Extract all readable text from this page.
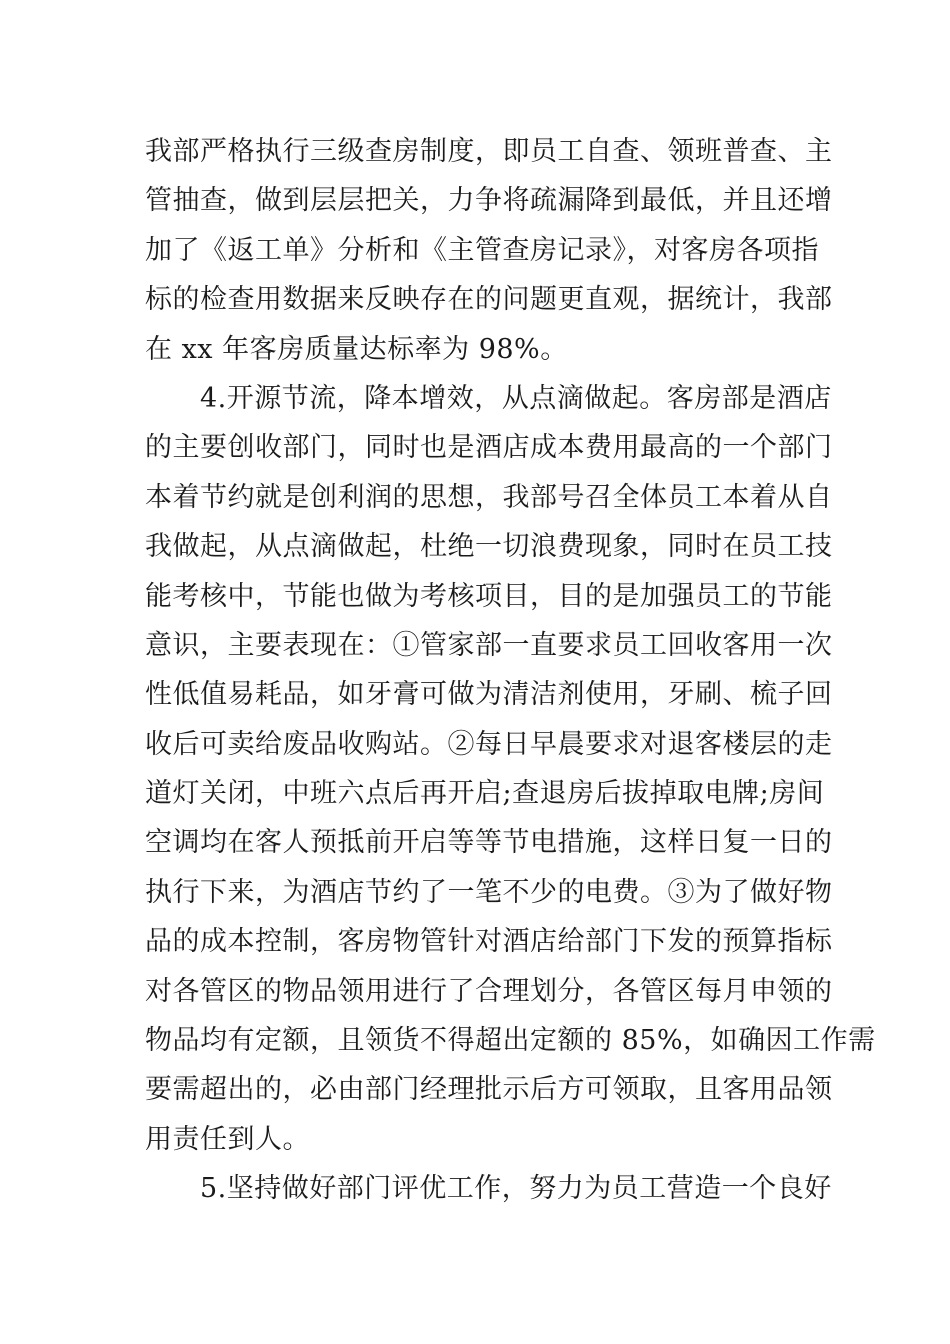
我部严格执行三级查房制度，即员工自查、领班普查、主
管抽查，做到层层把关，力争将疏漏降到最低，并且还增
加了《返工单》分析和《主管查房记录》，对客房各项指
标的检查用数据来反映存在的问题更直观，据统计，我部
在 xx 年客房质量达标率为 98%。
4.开源节流，降本增效，从点滴做起。客房部是酒店
的主要创收部门，同时也是酒店成本费用最高的一个部门
本着节约就是创利润的思想，我部号召全体员工本着从自
我做起，从点滴做起，杜绝一切浪费现象，同时在员工技
能考核中，节能也做为考核项目，目的是加强员工的节能
意识，主要表现在：①管家部一直要求员工回收客用一次
性低值易耗品，如牙膏可做为清洁剂使用，牙刷、梳子回
收后可卖给废品收购站。②每日早晨要求对退客楼层的走
道灯关闭，中班六点后再开启;查退房后拔掉取电牌;房间
空调均在客人预抵前开启等等节电措施，这样日复一日的
执行下来，为酒店节约了一笔不少的电费。③为了做好物
品的成本控制，客房物管针对酒店给部门下发的预算指标
对各管区的物品领用进行了合理划分，各管区每月申领的
物品均有定额，且领货不得超出定额的 85%，如确因工作需
要需超出的，必由部门经理批示后方可领取，且客用品领
用责任到人。
5.坚持做好部门评优工作，努力为员工营造一个良好
